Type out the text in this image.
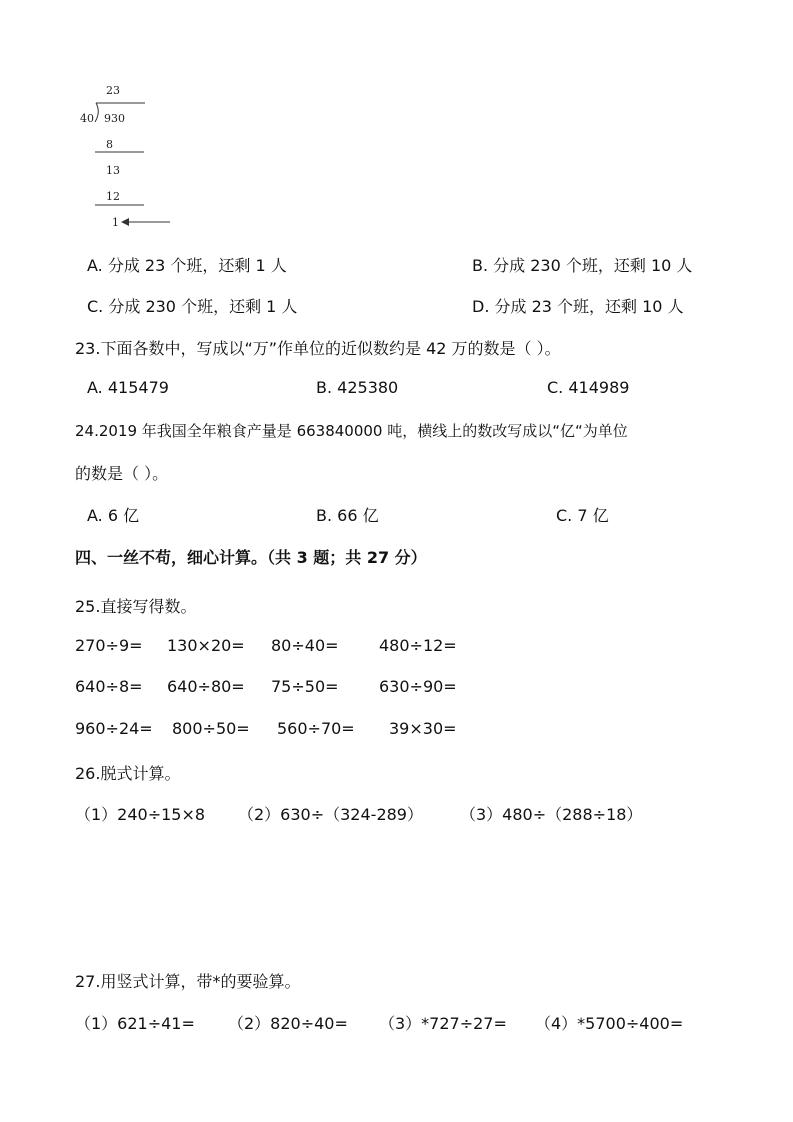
23
40 930
8
13
12
1
A. 分成 23 个班，还剩 1 人	B. 分成 230 个班，还剩 10 人
C. 分成 230 个班，还剩 1 人	D. 分成 23 个班，还剩 10 人
23.下面各数中，写成以“万”作单位的近似数约是 42 万的数是（ ）。
A. 415479	B. 425380	C. 414989
24.2019 年我国全年粮食产量是 663840000 吨，横线上的数改写成以“亿“为单位
的数是（ ）。
A. 6 亿	B. 66 亿	C. 7 亿
四、一丝不苟，细心计算。（共 3 题；共 27 分）
25.直接写得数。
270÷9= 130×20= 80÷40=	480÷12=
640÷8= 640÷80= 75÷50=	630÷90=
960÷24= 800÷50= 560÷70= 39×30=
26.脱式计算。
（1）240÷15×8 （2）630÷（324-289） （3）480÷（288÷18）
27.用竖式计算，带*的要验算。
（1）621÷41= （2）820÷40= （3）*727÷27= （4）*5700÷400=
